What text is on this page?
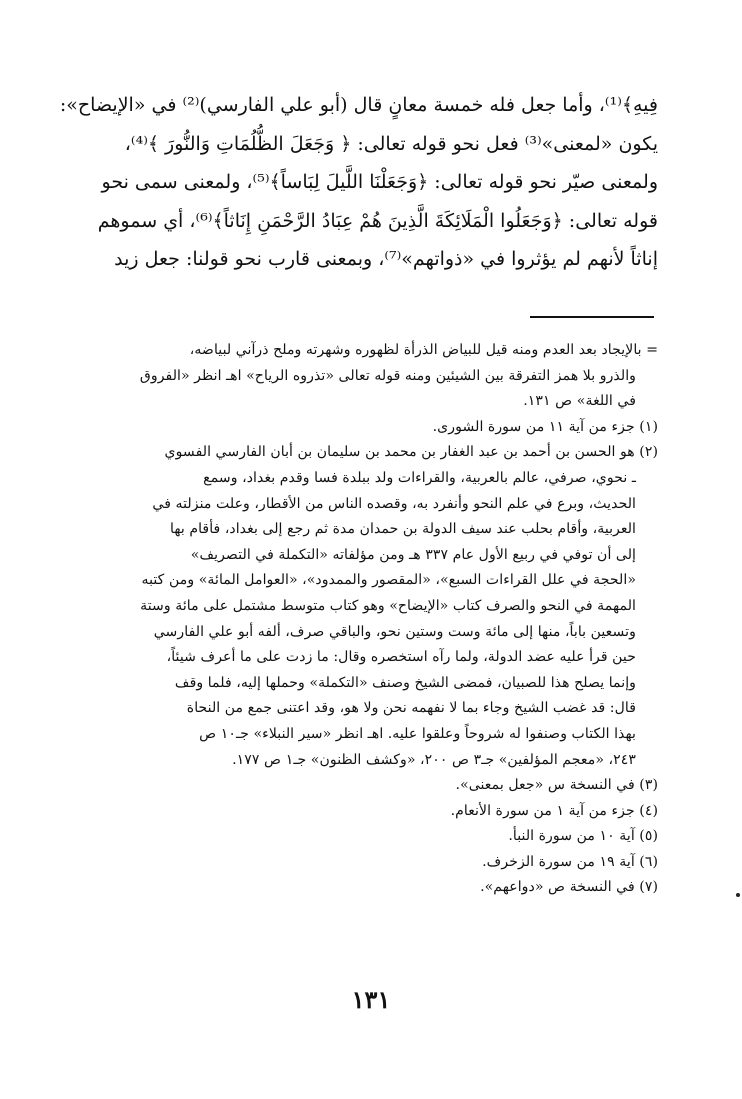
فِيهِ﴾⁽¹⁾، وأما جعل فله خمسة معانٍ قال (أبو علي الفارسي)⁽²⁾ في «الإيضاح»:
يكون «لمعنى»⁽³⁾ فعل نحو قوله تعالى: ﴿ وَجَعَلَ الظُّلُمَاتِ وَالنُّورَ ﴾⁽⁴⁾،
ولمعنى صيّر نحو قوله تعالى: ﴿وَجَعَلْنَا اللَّيلَ لِبَاساً﴾⁽⁵⁾، ولمعنى سمى نحو
قوله تعالى: ﴿وَجَعَلُوا الْمَلَائِكَةَ الَّذِينَ هُمْ عِبَادُ الرَّحْمَنِ إِنَاثاً﴾⁽⁶⁾، أي سموهم
إناثاً لأنهم لم يؤثروا في «ذواتهم»⁽⁷⁾، وبمعنى قارب نحو قولنا: جعل زيد
= بالإيجاد بعد العدم ومنه قيل للبياض الذرأة لظهوره وشهرته وملح ذرآني لبياضه،
والذرو بلا همز التفرقة بين الشيئين ومنه قوله تعالى «تذروه الرياح» اهـ انظر «الفروق
في اللغة» ص ١٣١.
(١) جزء من آية ١١ من سورة الشورى.
(٢) هو الحسن بن أحمد بن عبد الغفار بن محمد بن سليمان بن أبان الفارسي الفسوي
ـ نحوي، صرفي، عالم بالعربية، والقراءات ولد ببلدة فسا وقدم بغداد، وسمع
الحديث، وبرع في علم النحو وأنفرد به، وقصده الناس من الأقطار، وعلت منزلته في
العربية، وأقام بحلب عند سيف الدولة بن حمدان مدة ثم رجع إلى بغداد، فأقام بها
إلى أن توفي في ربيع الأول عام ٣٣٧ هـ ومن مؤلفاته «التكملة في التصريف»
«الحجة في علل القراءات السبع»، «المقصور والممدود»، «العوامل المائة» ومن كتبه
المهمة في النحو والصرف كتاب «الإيضاح» وهو كتاب متوسط مشتمل على مائة وستة
وتسعين باباً، منها إلى مائة وست وستين نحو، والباقي صرف، ألفه أبو علي الفارسي
حين قرأ عليه عضد الدولة، ولما رآه استخصره وقال: ما زدت على ما أعرف شيئاً،
وإنما يصلح هذا للصبيان، فمضى الشيخ وصنف «التكملة» وحملها إليه، فلما وقف
قال: قد غضب الشيخ وجاء بما لا نفهمه نحن ولا هو، وقد اعتنى جمع من النحاة
بهذا الكتاب وصنفوا له شروحاً وعلقوا عليه. اهـ انظر «سير النبلاء» جـ١٠ ص
٢٤٣، «معجم المؤلفين» جـ٣ ص ٢٠٠، «وكشف الظنون» جـ١ ص ١٧٧.
(٣) في النسخة س «جعل بمعنى».
(٤) جزء من آية ١ من سورة الأنعام.
(٥) آية ١٠ من سورة النبأ.
(٦) آية ١٩ من سورة الزخرف.
(٧) في النسخة ص «دواعهم».
١٣١
